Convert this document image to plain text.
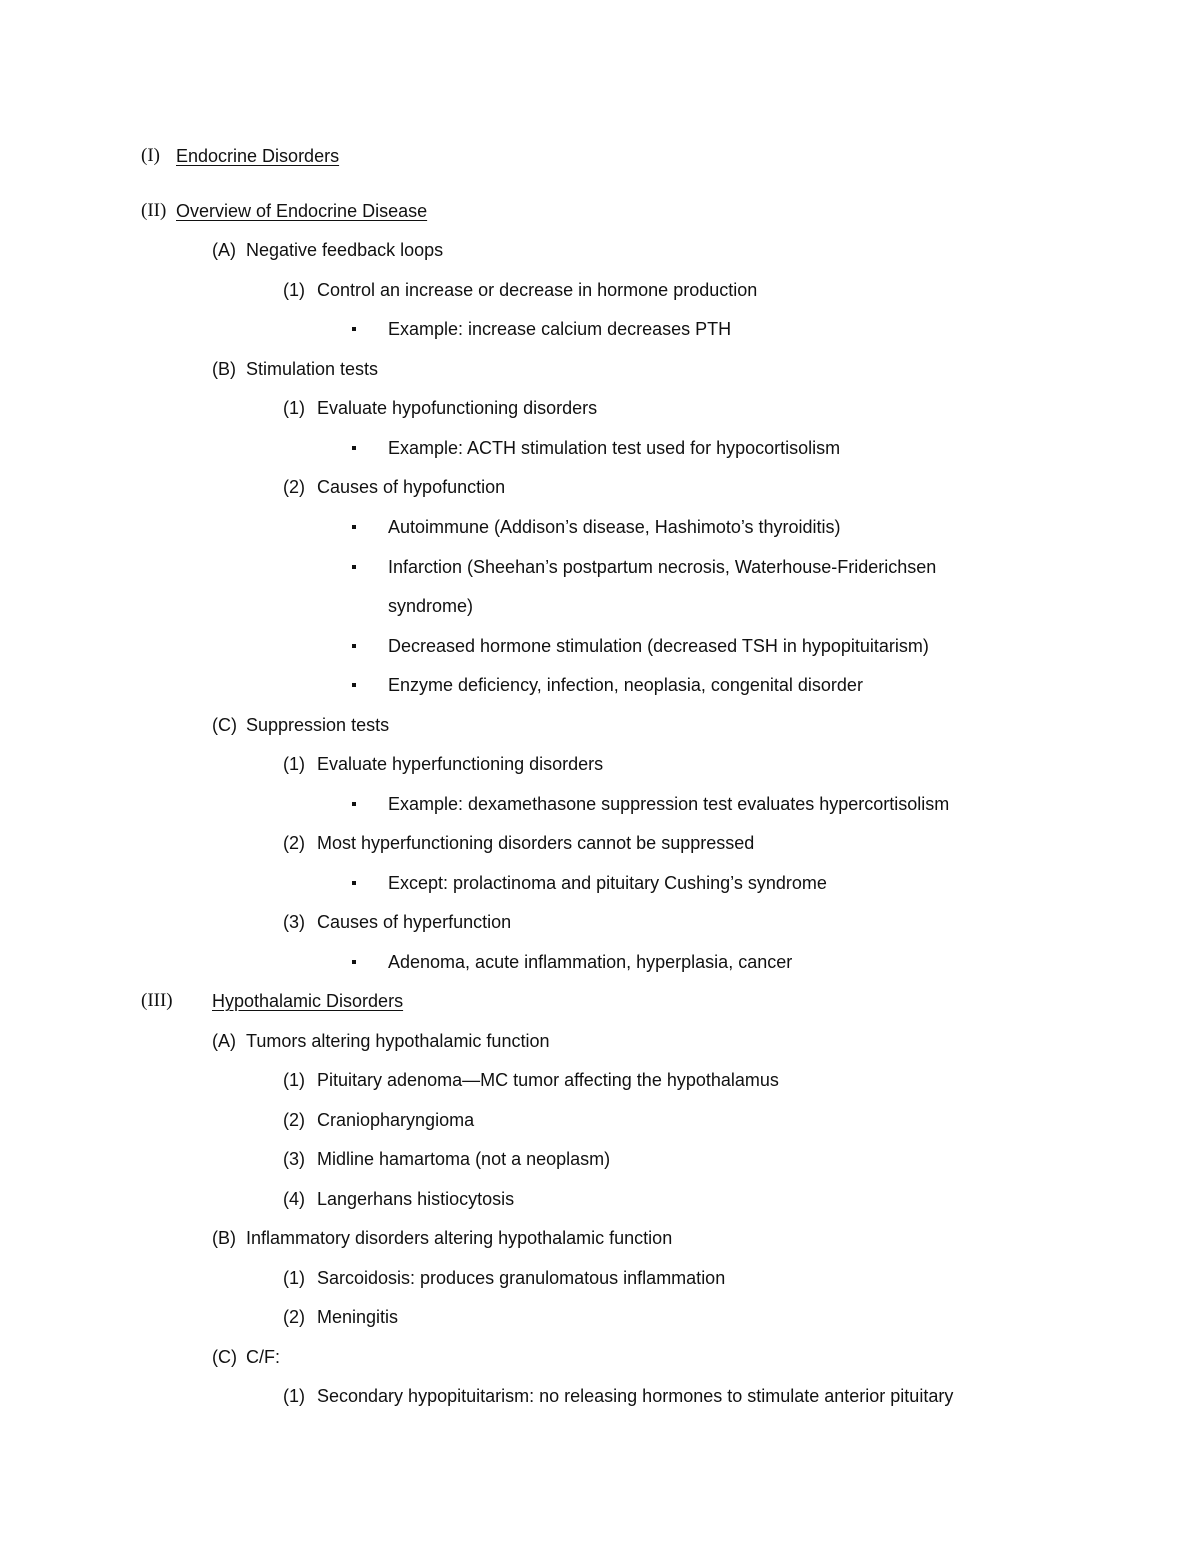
(I) Endocrine Disorders
(II) Overview of Endocrine Disease
(A) Negative feedback loops
(1) Control an increase or decrease in hormone production
Example: increase calcium decreases PTH
(B) Stimulation tests
(1) Evaluate hypofunctioning disorders
Example: ACTH stimulation test used for hypocortisolism
(2) Causes of hypofunction
Autoimmune (Addison’s disease, Hashimoto’s thyroiditis)
Infarction (Sheehan’s postpartum necrosis, Waterhouse-Friderichsen
syndrome)
Decreased hormone stimulation (decreased TSH in hypopituitarism)
Enzyme deficiency, infection, neoplasia, congenital disorder
(C) Suppression tests
(1) Evaluate hyperfunctioning disorders
Example: dexamethasone suppression test evaluates hypercortisolism
(2) Most hyperfunctioning disorders cannot be suppressed
Except: prolactinoma and pituitary Cushing’s syndrome
(3) Causes of hyperfunction
Adenoma, acute inflammation, hyperplasia, cancer
(III) Hypothalamic Disorders
(A) Tumors altering hypothalamic function
(1) Pituitary adenoma—MC tumor affecting the hypothalamus
(2) Craniopharyngioma
(3) Midline hamartoma (not a neoplasm)
(4) Langerhans histiocytosis
(B) Inflammatory disorders altering hypothalamic function
(1) Sarcoidosis: produces granulomatous inflammation
(2) Meningitis
(C) C/F:
(1) Secondary hypopituitarism: no releasing hormones to stimulate anterior pituitary
